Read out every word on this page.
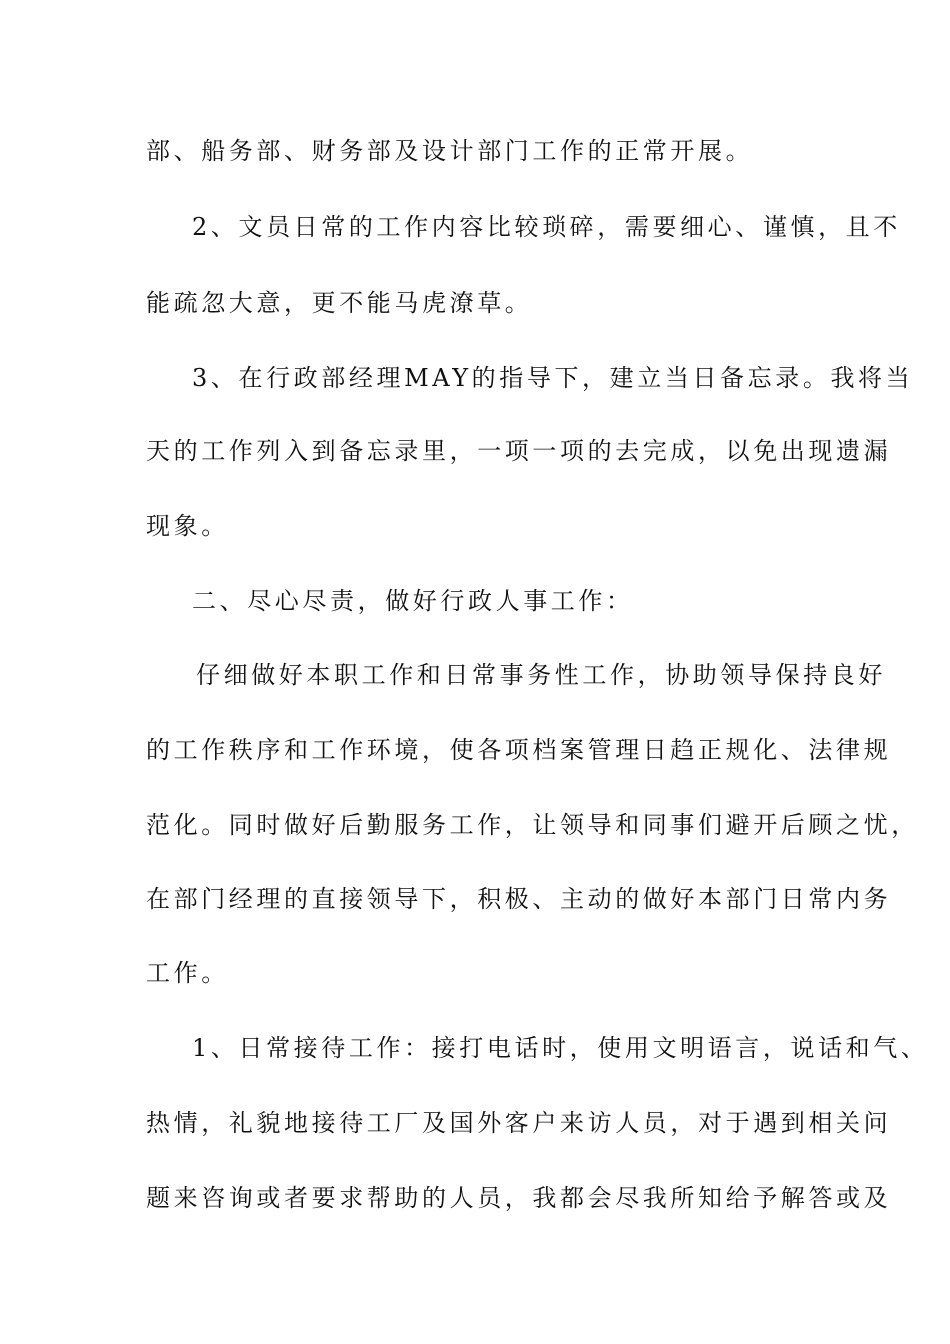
部、船务部、财务部及设计部门工作的正常开展。
2、文员日常的工作内容比较琐碎，需要细心、谨慎，且不
能疏忽大意，更不能马虎潦草。
3、在行政部经理MAY的指导下，建立当日备忘录。我将当
天的工作列入到备忘录里，一项一项的去完成，以免出现遗漏
现象。
二、尽心尽责，做好行政人事工作：
仔细做好本职工作和日常事务性工作，协助领导保持良好
的工作秩序和工作环境，使各项档案管理日趋正规化、法律规
范化。同时做好后勤服务工作，让领导和同事们避开后顾之忧，
在部门经理的直接领导下，积极、主动的做好本部门日常内务
工作。
1、日常接待工作：接打电话时，使用文明语言，说话和气、
热情，礼貌地接待工厂及国外客户来访人员，对于遇到相关问
题来咨询或者要求帮助的人员，我都会尽我所知给予解答或及
